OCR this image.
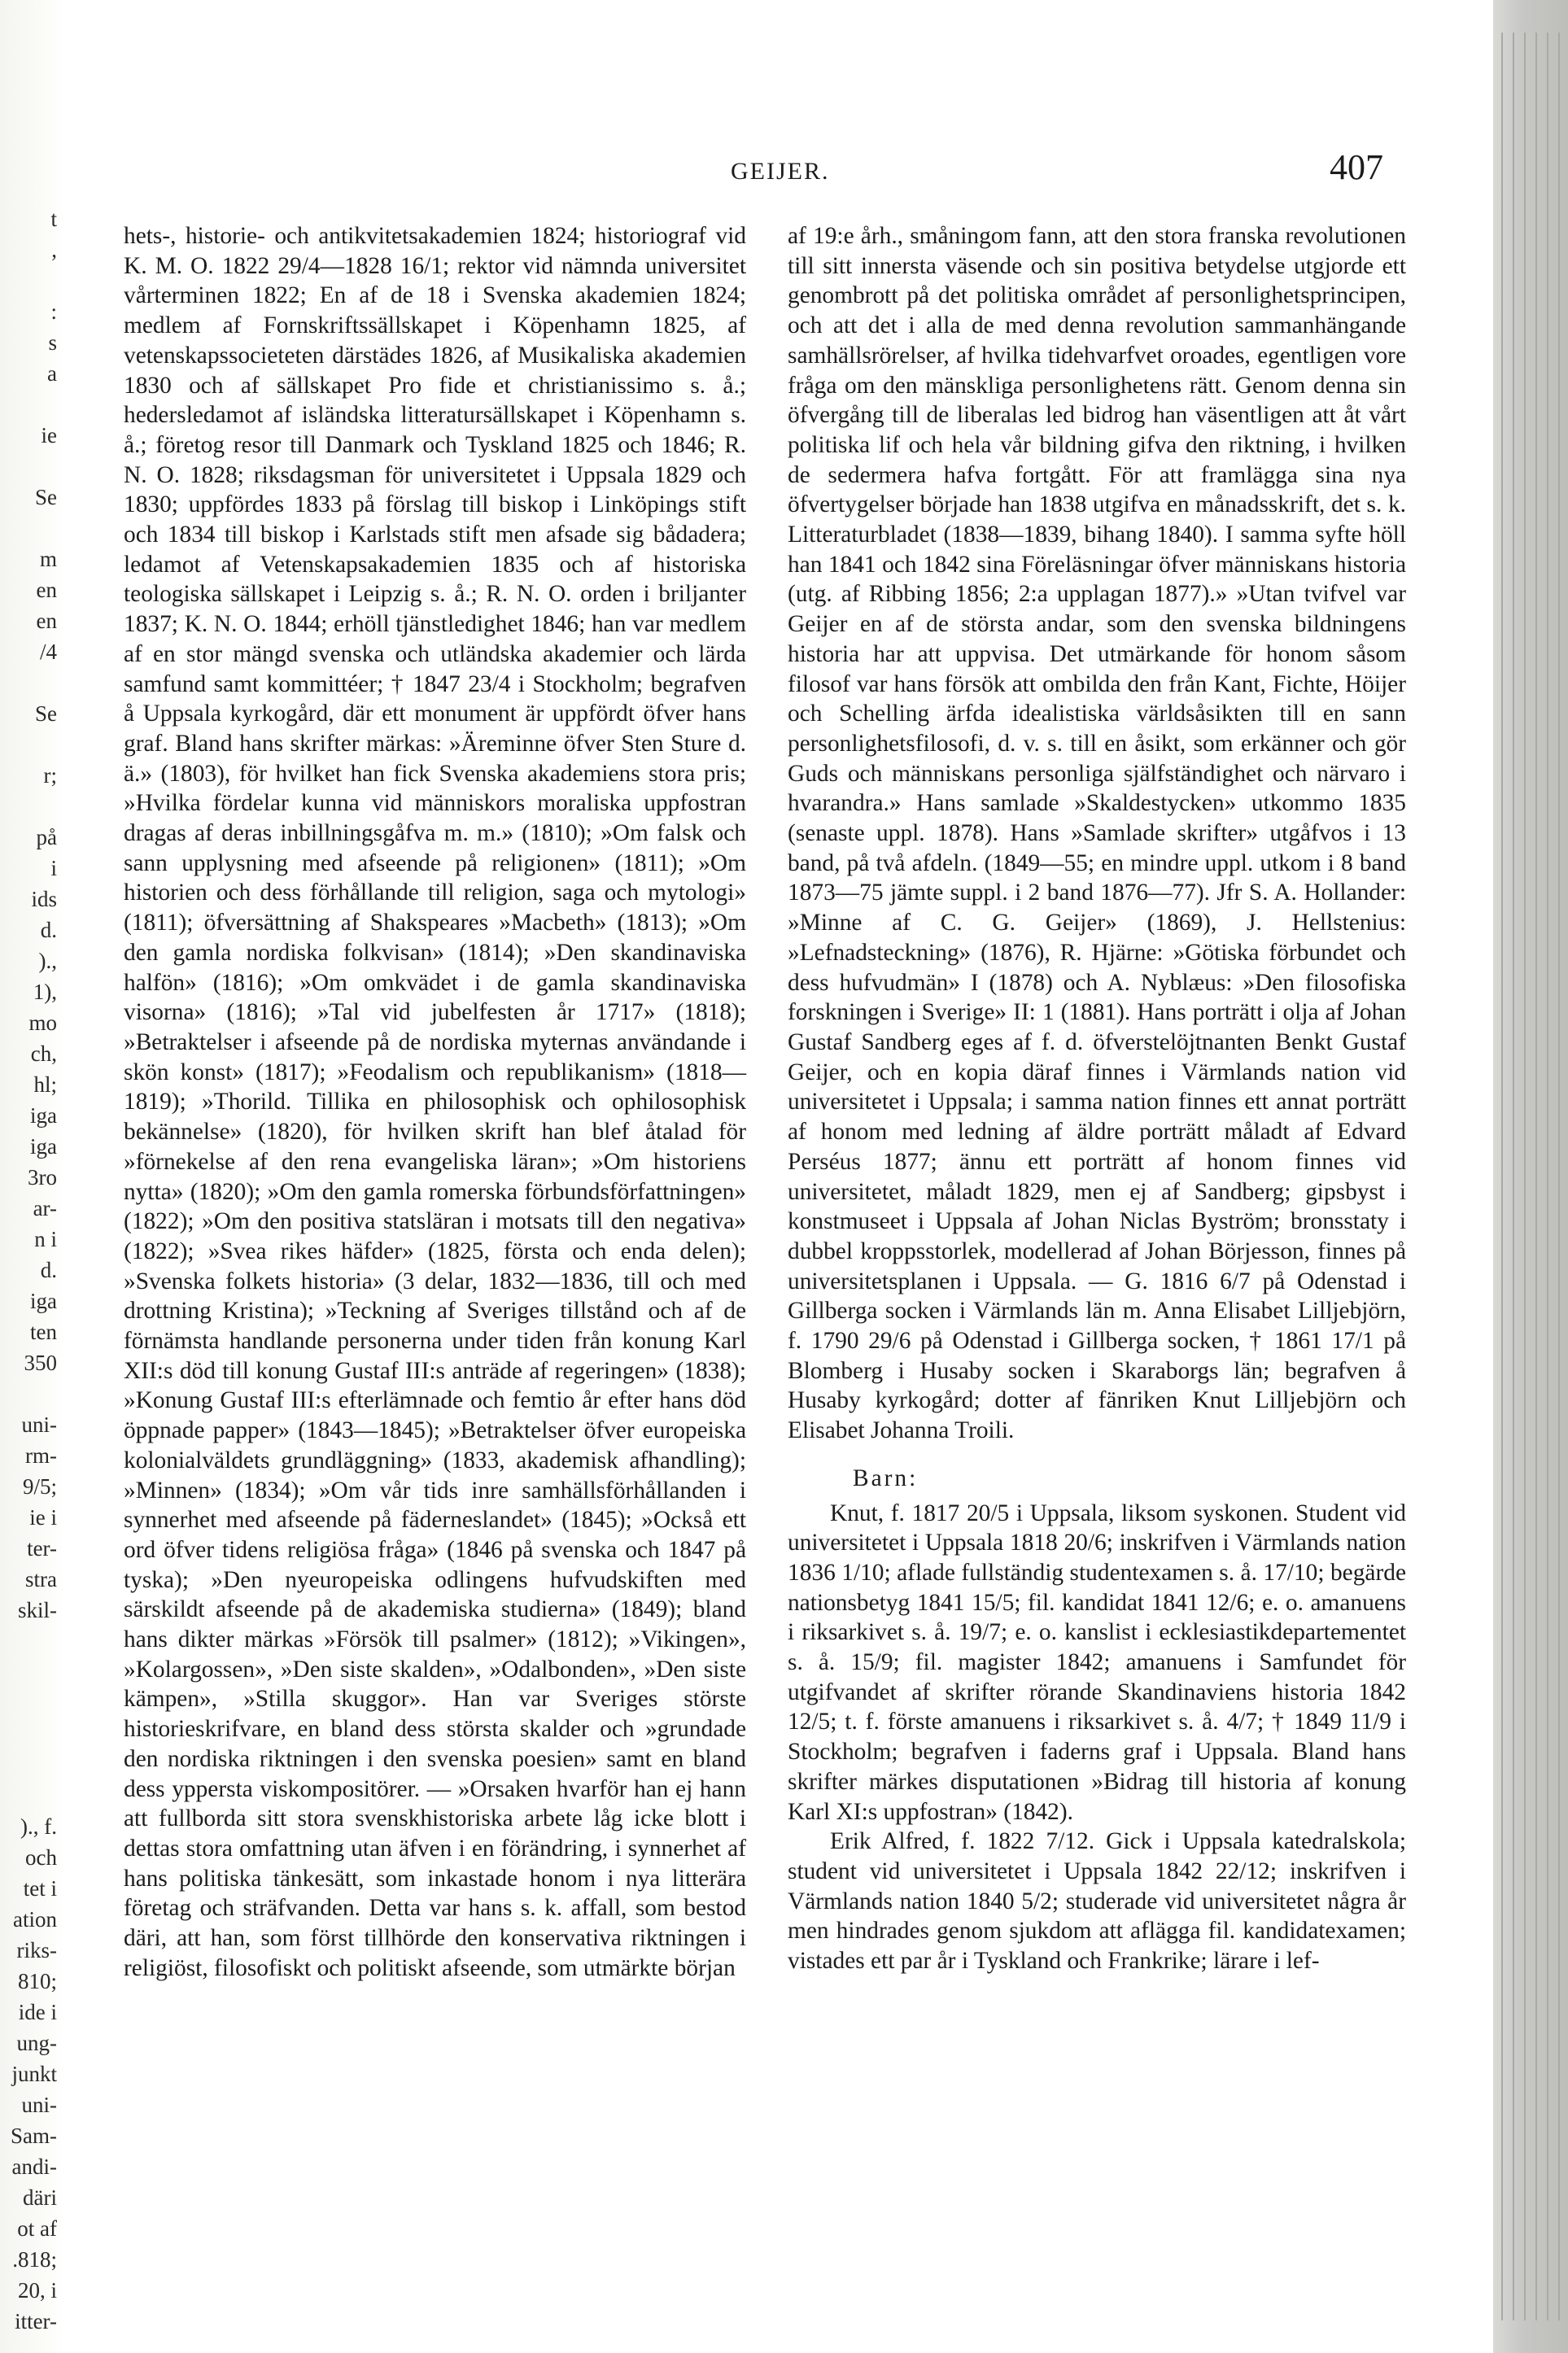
t
,
:
s
a
ie
Se
m
en
en
/4
Se
r;
på
i
ids
d.
).,
1),
mo
ch,
hl;
iga
iga
3ro
ar-
n i
d.
iga
ten
350
uni-
rm-
9/5;
ie i
ter-
stra
skil-
)., f.
och
tet i
ation
riks-
810;
ide i
ung-
junkt
uni-
Sam-
andi-
däri
ot af
.818;
20, i
itter-
GEIJER.	407

hets-, historie- och antikvitetsakademien 1824; historiograf vid K. M. O. 1822 29/4—1828 16/1; rektor vid nämnda universitet vårterminen 1822; En af de 18 i Svenska akademien 1824; medlem af Fornskriftssällskapet i Köpenhamn 1825, af vetenskapssocieteten därstädes 1826, af Musikaliska akademien 1830 och af sällskapet Pro fide et christianissimo s. å.; hedersledamot af isländska litteratursällskapet i Köpenhamn s. å.; företog resor till Danmark och Tyskland 1825 och 1846; R. N. O. 1828; riksdagsman för universitetet i Uppsala 1829 och 1830; uppfördes 1833 på förslag till biskop i Linköpings stift och 1834 till biskop i Karlstads stift men afsade sig bådadera; ledamot af Vetenskapsakademien 1835 och af historiska teologiska sällskapet i Leipzig s. å.; R. N. O. orden i briljanter 1837; K. N. O. 1844; erhöll tjänstledighet 1846; han var medlem af en stor mängd svenska och utländska akademier och lärda samfund samt kommittéer; † 1847 23/4 i Stockholm; begrafven å Uppsala kyrkogård, där ett monument är uppfördt öfver hans graf. Bland hans skrifter märkas: »Äreminne öfver Sten Sture d. ä.» (1803), för hvilket han fick Svenska akademiens stora pris; »Hvilka fördelar kunna vid människors moraliska uppfostran dragas af deras inbillningsgåfva m. m.» (1810); »Om falsk och sann upplysning med afseende på religionen» (1811); »Om historien och dess förhållande till religion, saga och mytologi» (1811); öfversättning af Shakspeares »Macbeth» (1813); »Om den gamla nordiska folkvisan» (1814); »Den skandinaviska halfön» (1816); »Om omkvädet i de gamla skandinaviska visorna» (1816); »Tal vid jubelfesten år 1717» (1818); »Betraktelser i afseende på de nordiska myternas användande i skön konst» (1817); »Feodalism och republikanism» (1818—1819); »Thorild. Tillika en philosophisk och ophilosophisk bekännelse» (1820), för hvilken skrift han blef åtalad för »förnekelse af den rena evangeliska läran»; »Om historiens nytta» (1820); »Om den gamla romerska förbundsförfattningen» (1822); »Om den positiva statsläran i motsats till den negativa» (1822); »Svea rikes häfder» (1825, första och enda delen); »Svenska folkets historia» (3 delar, 1832—1836, till och med drottning Kristina); »Teckning af Sveriges tillstånd och af de förnämsta handlande personerna under tiden från konung Karl XII:s död till konung Gustaf III:s anträde af regeringen» (1838); »Konung Gustaf III:s efterlämnade och femtio år efter hans död öppnade papper» (1843—1845); »Betraktelser öfver europeiska kolonialväldets grundläggning» (1833, akademisk afhandling); »Minnen» (1834); »Om vår tids inre samhällsförhållanden i synnerhet med afseende på fäderneslandet» (1845); »Också ett ord öfver tidens religiösa fråga» (1846 på svenska och 1847 på tyska); »Den nyeuropeiska odlingens hufvudskiften med särskildt afseende på de akademiska studierna» (1849); bland hans dikter märkas »Försök till psalmer» (1812); »Vikingen», »Kolargossen», »Den siste skalden», »Odalbonden», »Den siste kämpen», »Stilla skuggor». Han var Sveriges störste historieskrifvare, en bland dess största skalder och »grundade den nordiska riktningen i den svenska poesien» samt en bland dess yppersta viskompositörer. — »Orsaken hvarför han ej hann att fullborda sitt stora svenskhistoriska arbete låg icke blott i dettas stora omfattning utan äfven i en förändring, i synnerhet af hans politiska tänkesätt, som inkastade honom i nya litterära företag och sträfvanden. Detta var hans s. k. affall, som bestod däri, att han, som först tillhörde den konservativa riktningen i religiöst, filosofiskt och politiskt afseende, som utmärkte början

af 19:e årh., småningom fann, att den stora franska revolutionen till sitt innersta väsende och sin positiva betydelse utgjorde ett genombrott på det politiska området af personlighetsprincipen, och att det i alla de med denna revolution sammanhängande samhällsrörelser, af hvilka tidehvarfvet oroades, egentligen vore fråga om den mänskliga personlighetens rätt. Genom denna sin öfvergång till de liberalas led bidrog han väsentligen att åt vårt politiska lif och hela vår bildning gifva den riktning, i hvilken de sedermera hafva fortgått. För att framlägga sina nya öfvertygelser började han 1838 utgifva en månadsskrift, det s. k. Litteraturbladet (1838—1839, bihang 1840). I samma syfte höll han 1841 och 1842 sina Föreläsningar öfver människans historia (utg. af Ribbing 1856; 2:a upplagan 1877).» »Utan tvifvel var Geijer en af de största andar, som den svenska bildningens historia har att uppvisa. Det utmärkande för honom såsom filosof var hans försök att ombilda den från Kant, Fichte, Höijer och Schelling ärfda idealistiska världsåsikten till en sann personlighetsfilosofi, d. v. s. till en åsikt, som erkänner och gör Guds och människans personliga själfständighet och närvaro i hvarandra.» Hans samlade »Skaldestycken» utkommo 1835 (senaste uppl. 1878). Hans »Samlade skrifter» utgåfvos i 13 band, på två afdeln. (1849—55; en mindre uppl. utkom i 8 band 1873—75 jämte suppl. i 2 band 1876—77). Jfr S. A. Hollander: »Minne af C. G. Geijer» (1869), J. Hellstenius: »Lefnadsteckning» (1876), R. Hjärne: »Götiska förbundet och dess hufvudmän» I (1878) och A. Nyblæus: »Den filosofiska forskningen i Sverige» II: 1 (1881). Hans porträtt i olja af Johan Gustaf Sandberg eges af f. d. öfverstelöjtnanten Benkt Gustaf Geijer, och en kopia däraf finnes i Värmlands nation vid universitetet i Uppsala; i samma nation finnes ett annat porträtt af honom med ledning af äldre porträtt måladt af Edvard Perséus 1877; ännu ett porträtt af honom finnes vid universitetet, måladt 1829, men ej af Sandberg; gipsbyst i konstmuseet i Uppsala af Johan Niclas Byström; bronsstaty i dubbel kroppsstorlek, modellerad af Johan Börjesson, finnes på universitetsplanen i Uppsala. — G. 1816 6/7 på Odenstad i Gillberga socken i Värmlands län m. Anna Elisabet Lilljebjörn, f. 1790 29/6 på Odenstad i Gillberga socken, † 1861 17/1 på Blomberg i Husaby socken i Skaraborgs län; begrafven å Husaby kyrkogård; dotter af fänriken Knut Lilljebjörn och Elisabet Johanna Troili.

Barn:

Knut, f. 1817 20/5 i Uppsala, liksom syskonen. Student vid universitetet i Uppsala 1818 20/6; inskrifven i Värmlands nation 1836 1/10; aflade fullständig studentexamen s. å. 17/10; begärde nationsbetyg 1841 15/5; fil. kandidat 1841 12/6; e. o. amanuens i riksarkivet s. å. 19/7; e. o. kanslist i ecklesiastikdepartementet s. å. 15/9; fil. magister 1842; amanuens i Samfundet för utgifvandet af skrifter rörande Skandinaviens historia 1842 12/5; t. f. förste amanuens i riksarkivet s. å. 4/7; † 1849 11/9 i Stockholm; begrafven i faderns graf i Uppsala. Bland hans skrifter märkes disputationen »Bidrag till historia af konung Karl XI:s uppfostran» (1842).

Erik Alfred, f. 1822 7/12. Gick i Uppsala katedralskola; student vid universitetet i Uppsala 1842 22/12; inskrifven i Värmlands nation 1840 5/2; studerade vid universitetet några år men hindrades genom sjukdom att aflägga fil. kandidatexamen; vistades ett par år i Tyskland och Frankrike; lärare i lef-
